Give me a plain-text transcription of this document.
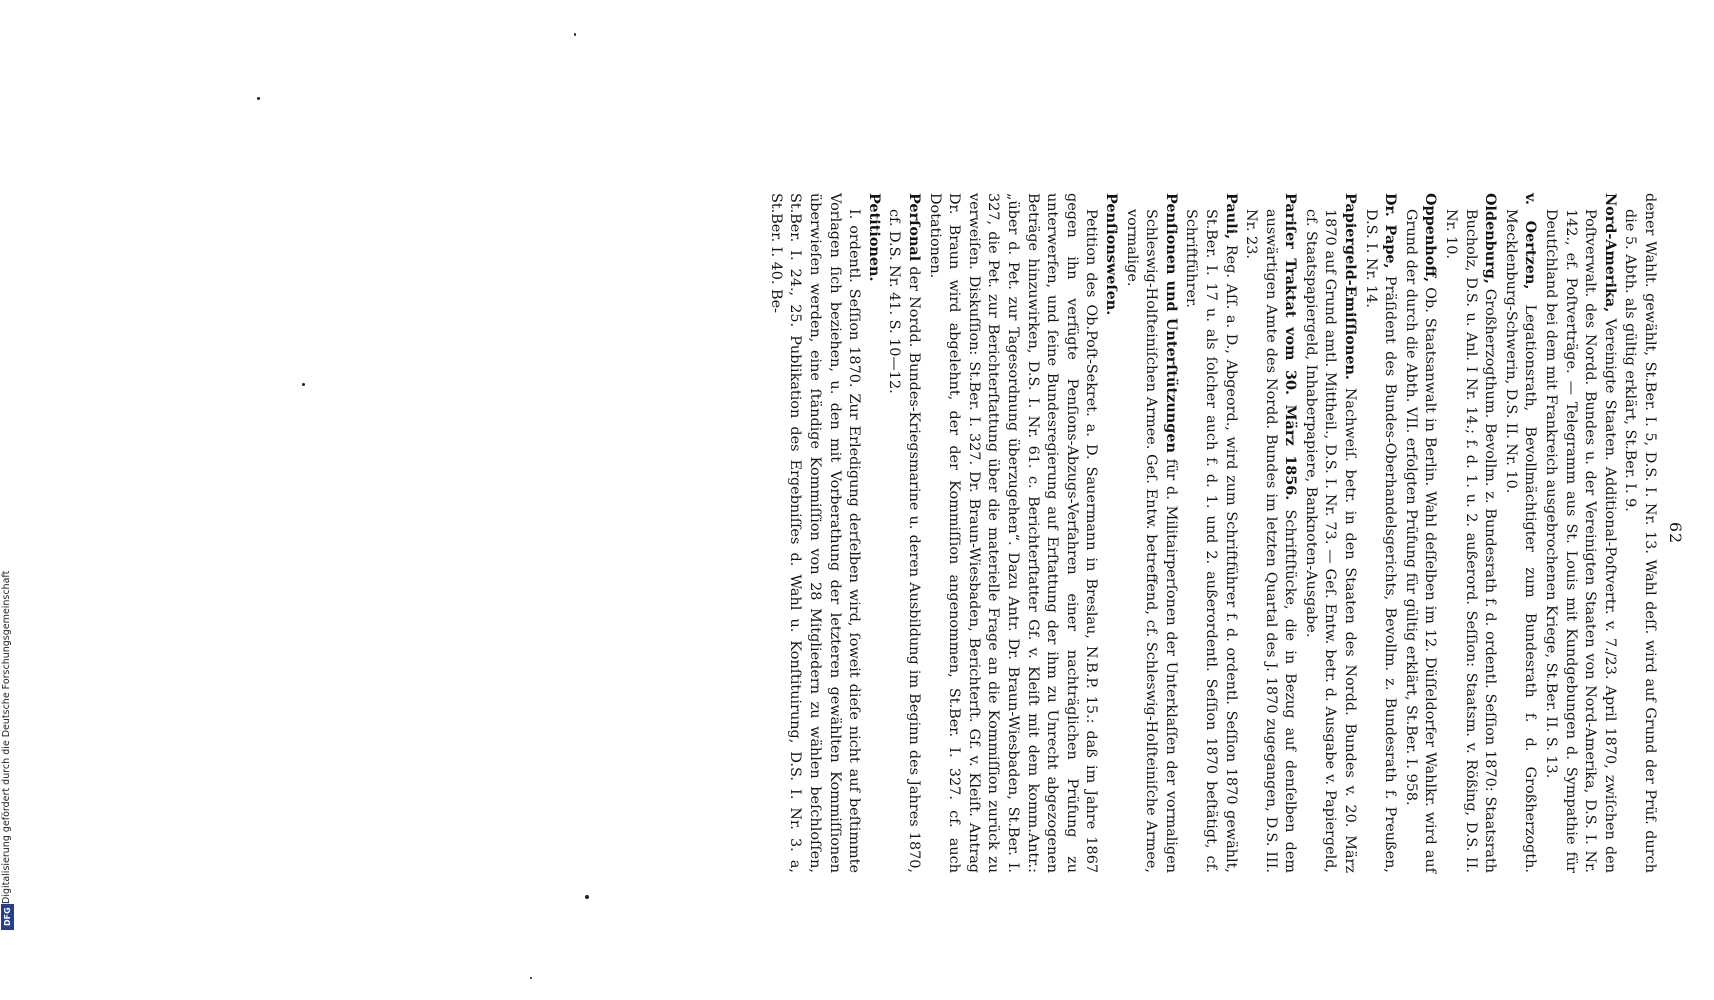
62

dener Wahlt. gewählt, St.Ber. I. 5, D.S. I. Nr. 13. Wahl deſſ. wird auf Grund der Prüf. durch die 5. Abth. als gültig erklärt, St.Ber. I. 9.

Nord-Amerika, Vereinigte Staaten. Additional-Poſtvertr. v. 7./23. April 1870, zwiſchen den Poſtverwalt. des Nordd. Bundes u. der Vereinigten Staaten von Nord-Amerika, D.S. I. Nr. 142., ef. Poſtverträge. — Telegramm aus St. Louis mit Kundgebungen d. Sympathie für Deutſchland bei dem mit Frankreich ausgebrochenen Kriege, St.Ber. II. S. 13.

v. Oertzen, Legationsrath, Bevollmächtigter zum Bundesrath f. d. Großherzogth. Mecklenburg-Schwerin, D.S. II. Nr. 10.

Oldenburg, Großherzogthum. Bevollm. z. Bundesrath f. d. ordentl. Seſſion 1870: Staatsrath Bucholz, D.S. u. Anl. I Nr. 14.; f. d. 1. u. 2. außerord. Seſſion: Staatsm. v. Rößing, D.S. II. Nr. 10.

Oppenhoff, Ob. Staatsanwalt in Berlin. Wahl deſſelben im 12. Düſſeldorfer Wahlkr. wird auf Grund der durch die Abth. VII. erfolgten Prüfung für gültig erklärt, St.Ber. I. 958.

Dr. Pape, Präſident des Bundes-Oberhandelsgerichts, Bevollm. z. Bundesrath f. Preußen, D.S. I. Nr. 14.

Papiergeld-Emiſſionen. Nachweiſ. betr. in den Staaten des Nordd. Bundes v. 20. März 1870 auf Grund amtl. Mittheil., D.S. I. Nr. 73. — Geſ. Entw. betr. d. Ausgabe v. Papiergeld, cf. Staatspapiergeld, Inhaberpapiere, Banknoten-Ausgabe.

Pariſer Traktat vom 30. März 1856. Schriftſtücke, die in Bezug auf denſelben dem auswärtigen Amte des Nordd. Bundes im letzten Quartal des J. 1870 zugegangen, D.S. III. Nr. 23.

Pauli, Reg. Aſſ. a. D., Abgeord., wird zum Schriftführer f. d. ordentl. Seſſion 1870 gewählt, St.Ber. I. 17 u. als ſolcher auch f. d. 1. und 2. außerordentl. Seſſion 1870 beſtätigt, cf. Schriftführer.

Penſionen und Unterſtützungen für d. Militairperſonen der Unterklaſſen der vormaligen Schleswig-Holſteiniſchen Armee. Geſ. Entw. betreffend, cf. Schleswig-Holſteiniſche Armee, vormalige.

Penſionsweſen.

Petition des Ob.Poſt-Sekret. a. D. Sauermann in Breslau, N.B.P. 15.: daß im Jahre 1867 gegen ihn verfügte Penſions-Abzugs-Verfahren einer nachträglichen Prüfung zu unterwerfen, und ſeine Bundesregierung auf Erſtattung der ihm zu Unrecht abgezogenen Beträge hinzuwirken, D.S. I. Nr. 61. c. Berichterſtatter Gf. v. Kleiſt mit dem komm.Antr.: „über d. Pet. zur Tagesordnung überzugehen“. Dazu Antr. Dr. Braun-Wiesbaden, St.Ber. I. 327, die Pet. zur Berichterſtattung über die materielle Frage an die Kommiſſion zurück zu verweiſen. Diskuſſion: St.Ber. I. 327. Dr. Braun-Wiesbaden, Berichterſt. Gf. v. Kleiſt. Antrag Dr. Braun wird abgelehnt, der der Kommiſſion angenommen, St.Ber. I. 327. cf. auch Dotationen.

Perſonal der Nordd. Bundes-Kriegsmarine u. deren Ausbildung im Beginn des Jahres 1870, cf. D.S. Nr. 41. S. 10—12.

Petitionen.

I. ordentl. Seſſion 1870. Zur Erledigung derſelben wird, ſoweit dieſe nicht auf beſtimmte Vorlagen ſich beziehen, u. den mit Vorberathung der letzteren gewählten Kommiſſionen überwieſen werden, eine ſtändige Kommiſſion von 28 Mitgliedern zu wählen beſchloſſen, St.Ber. I. 24., 25. Publikation des Ergebniſſes d. Wahl u. Konſtituirung, D.S. I. Nr. 3. a, St.Ber. I. 40. Be-

Digitalisierung gefördert durch die Deutsche Forschungsgemeinschaft
DFG
